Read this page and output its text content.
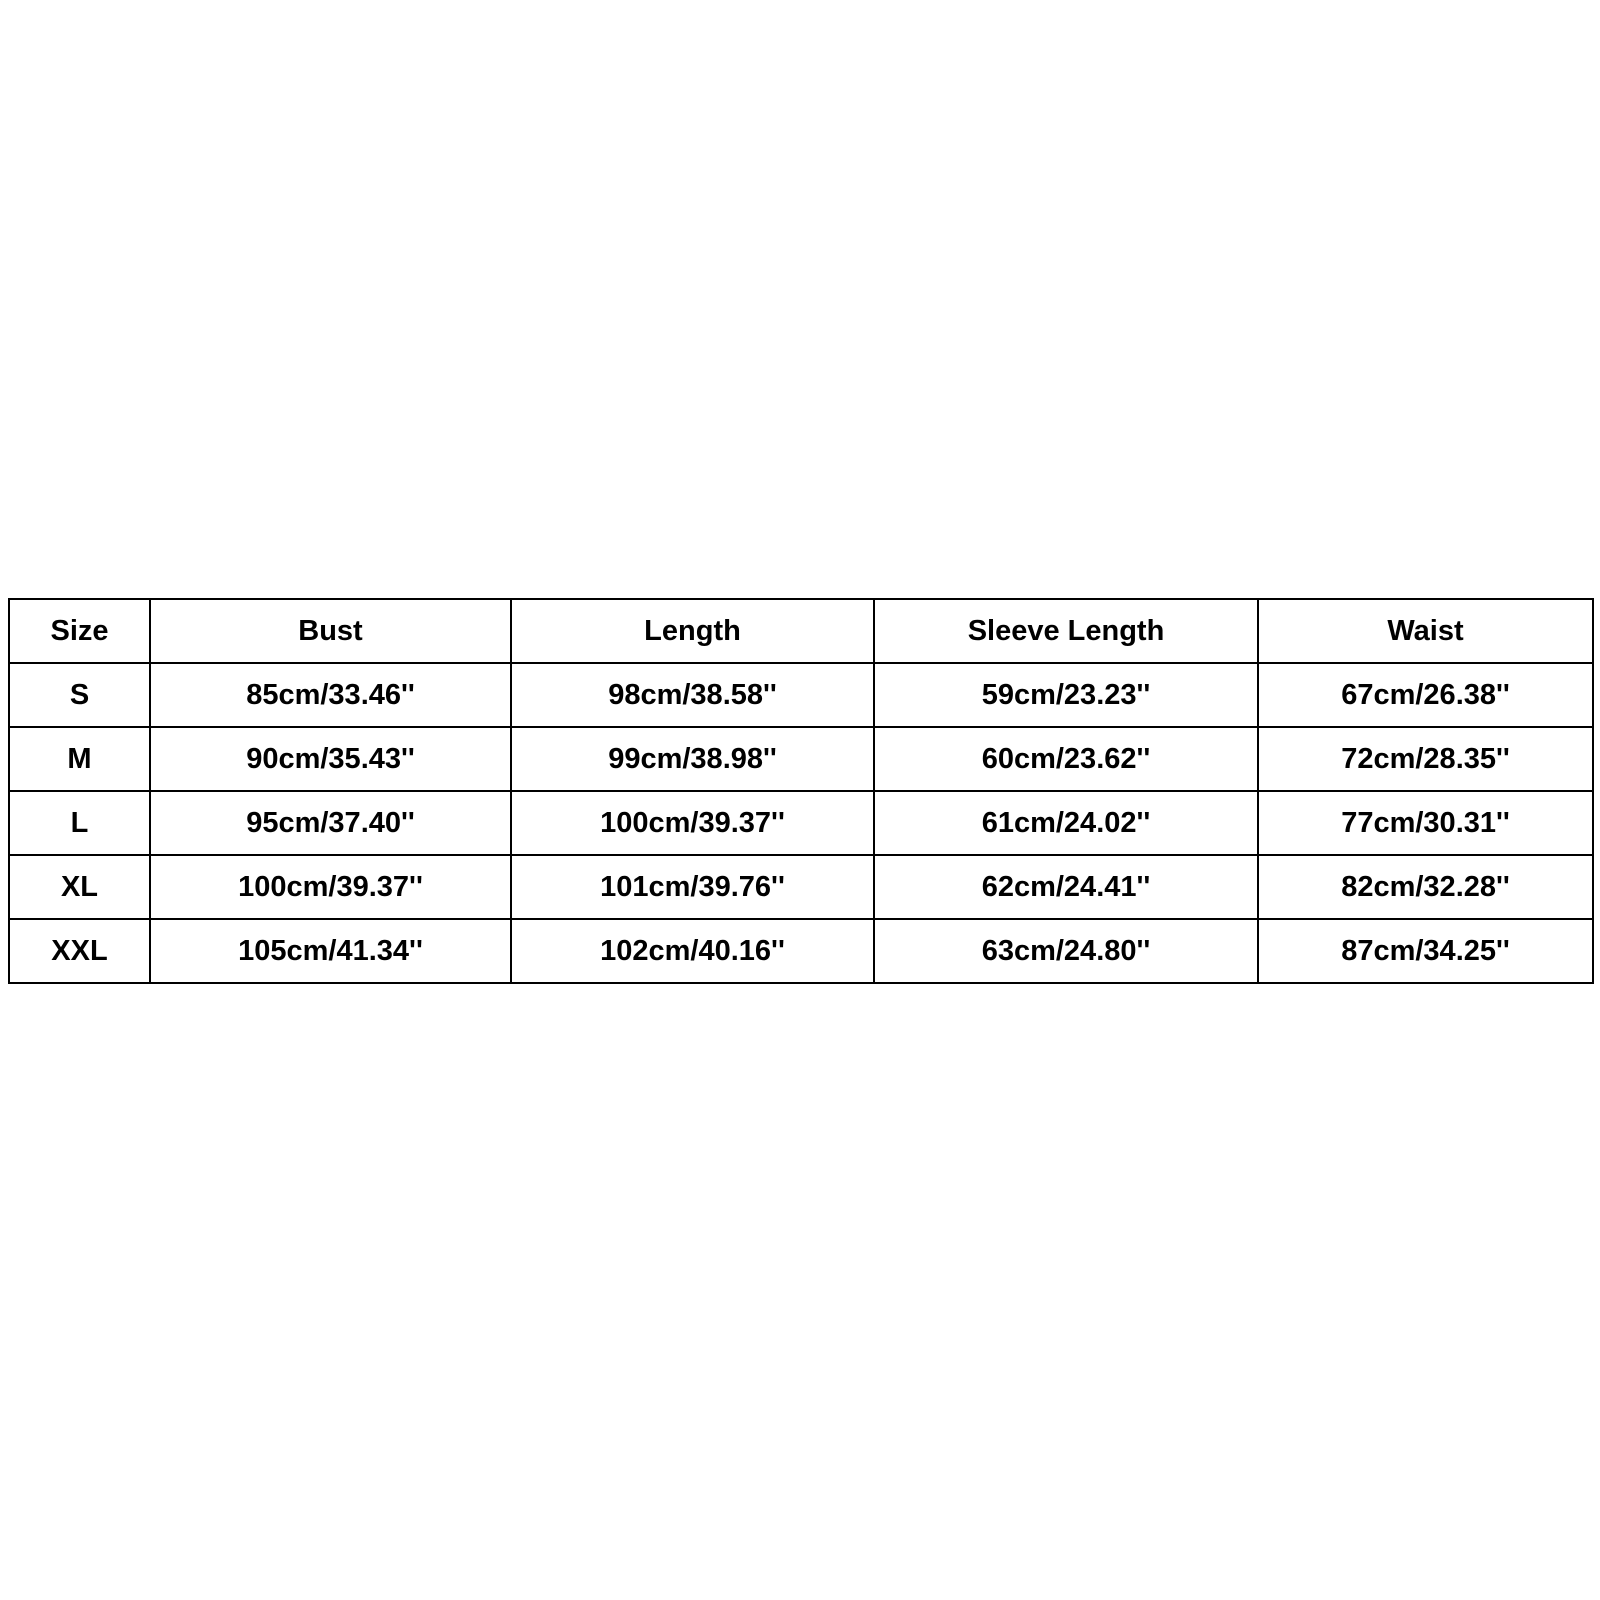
Size	Bust	Length	Sleeve Length	Waist
S	85cm/33.46''	98cm/38.58''	59cm/23.23''	67cm/26.38''
M	90cm/35.43''	99cm/38.98''	60cm/23.62''	72cm/28.35''
L	95cm/37.40''	100cm/39.37''	61cm/24.02''	77cm/30.31''
XL	100cm/39.37''	101cm/39.76''	62cm/24.41''	82cm/32.28''
XXL	105cm/41.34''	102cm/40.16''	63cm/24.80''	87cm/34.25''
